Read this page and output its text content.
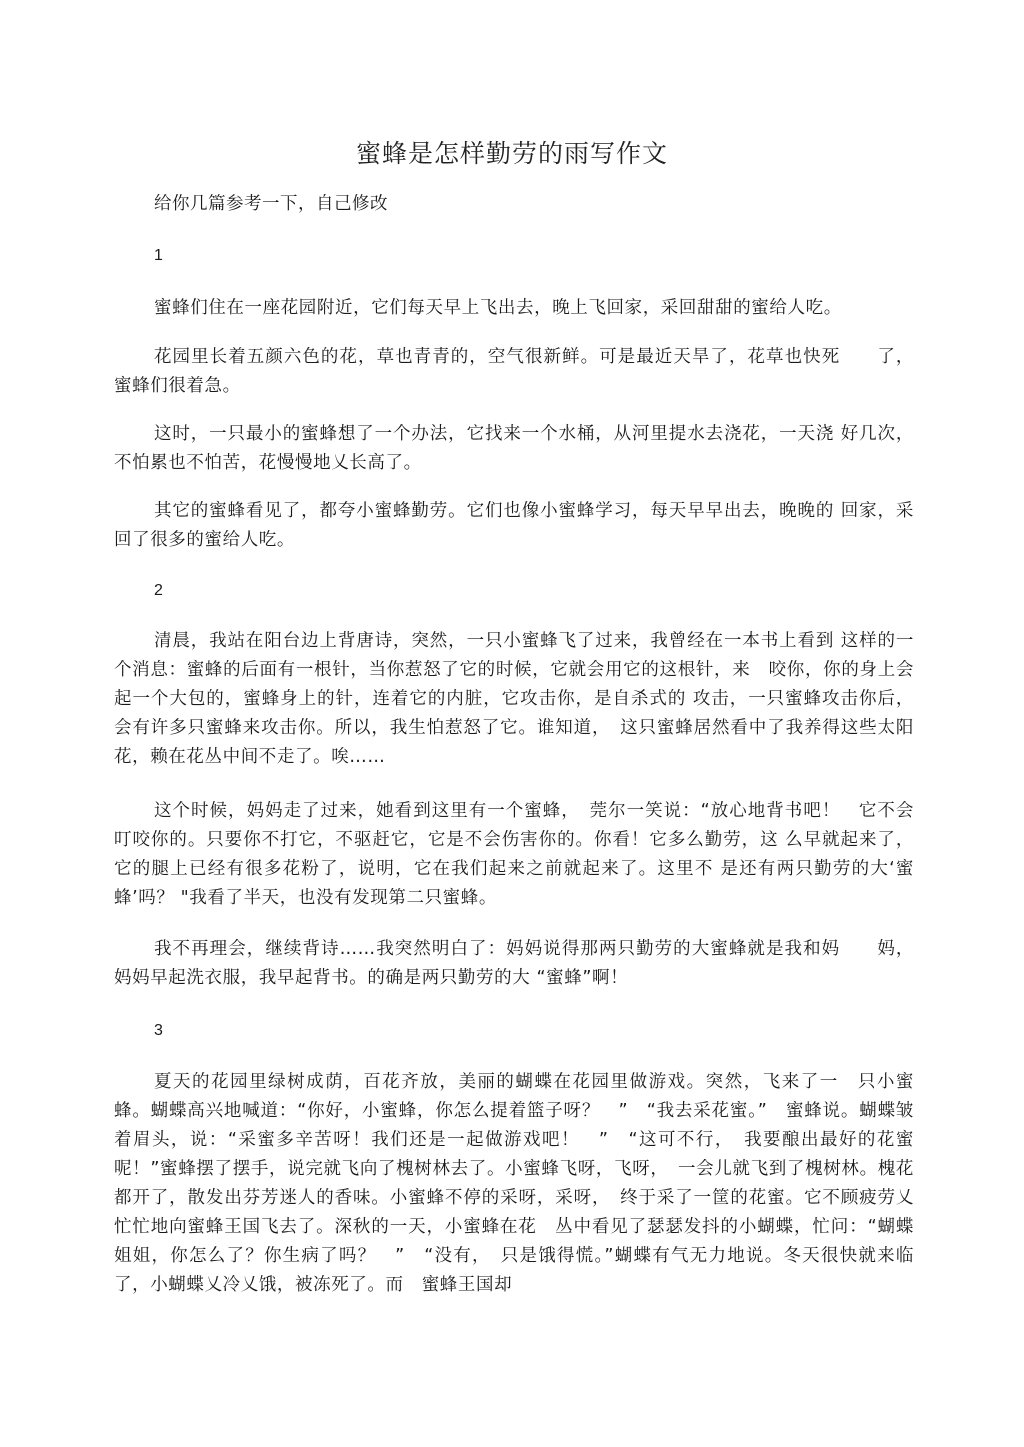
蜜蜂是怎样勤劳的雨写作文
给你几篇参考一下，自己修改
1
蜜蜂们住在一座花园附近，它们每天早上飞出去，晚上飞回家，采回甜甜的蜜给人吃。
花园里长着五颜六色的花，草也青青的，空气很新鲜。可是最近天旱了，花草也快死　　了，蜜蜂们很着急。
这时，一只最小的蜜蜂想了一个办法，它找来一个水桶，从河里提水去浇花，一天浇 好几次，不怕累也不怕苦，花慢慢地乂长高了。
其它的蜜蜂看见了，都夸小蜜蜂勤劳。它们也像小蜜蜂学习，每天早早出去，晚晚的 回家，采回了很多的蜜给人吃。
2
清晨，我站在阳台边上背唐诗，突然，一只小蜜蜂飞了过来，我曾经在一本书上看到 这样的一个消息：蜜蜂的后面有一根针，当你惹怒了它的时候，它就会用它的这根针，来　咬你，你的身上会起一个大包的，蜜蜂身上的针，连着它的内脏，它攻击你，是自杀式的 攻击，一只蜜蜂攻击你后，会有许多只蜜蜂来攻击你。所以，我生怕惹怒了它。谁知道，　这只蜜蜂居然看中了我养得这些太阳花，赖在花丛中间不走了。唉……
这个时候，妈妈走了过来，她看到这里有一个蜜蜂，　莞尔一笑说：“放心地背书吧！　它不会叮咬你的。只要你不打它，不驱赶它，它是不会伤害你的。你看！它多么勤劳，这 么早就起来了，它的腿上已经有很多花粉了，说明，它在我们起来之前就起来了。这里不 是还有两只勤劳的大‘蜜蜂’吗？ "我看了半天，也没有发现第二只蜜蜂。
我不再理会，继续背诗……我突然明白了：妈妈说得那两只勤劳的大蜜蜂就是我和妈　　妈，妈妈早起洗衣服，我早起背书。的确是两只勤劳的大 “蜜蜂”啊！
3
夏天的花园里绿树成荫，百花齐放，美丽的蝴蝶在花园里做游戏。突然，飞来了一　只小蜜蜂。蝴蝶高兴地喊道：“你好，小蜜蜂，你怎么提着篮子呀？　”　“我去采花蜜。”　蜜蜂说。蝴蝶皱着眉头，说：“采蜜多辛苦呀！我们还是一起做游戏吧！　”　“这可不行，　我要酿出最好的花蜜呢！”蜜蜂摆了摆手，说完就飞向了槐树林去了。小蜜蜂飞呀，飞呀，　一会儿就飞到了槐树林。槐花都开了，散发出芬芳迷人的香味。小蜜蜂不停的采呀，采呀，　终于采了一筐的花蜜。它不顾疲劳乂忙忙地向蜜蜂王国飞去了。深秋的一天，小蜜蜂在花　丛中看见了瑟瑟发抖的小蝴蝶，忙问：“蝴蝶姐姐，你怎么了？你生病了吗？　”　“没有，　只是饿得慌。”蝴蝶有气无力地说。冬天很快就来临了，小蝴蝶乂冷乂饿，被冻死了。而　蜜蜂王国却
